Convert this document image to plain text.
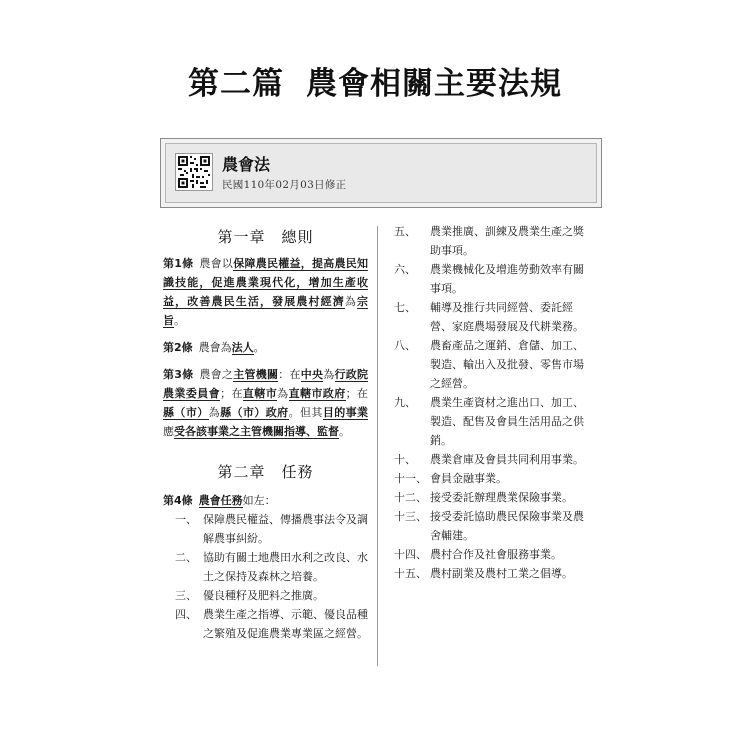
第二篇 農會相關主要法規
農會法
民國110年02月03日修正
第一章　總則
第1條 農會以保障農民權益，提高農民知識技能，促進農業現代化，增加生產收益，改善農民生活，發展農村經濟為宗旨。
第2條 農會為法人。
第3條 農會之主管機關：在中央為行政院農業委員會；在直轄市為直轄市政府；在縣（市）為縣（市）政府。但其目的事業應受各該事業之主管機關指導、監督。
第二章　任務
第4條 農會任務如左：
一、 保障農民權益、傳播農事法令及調解農事糾紛。
二、 協助有關土地農田水利之改良、水土之保持及森林之培養。
三、 優良種籽及肥料之推廣。
四、 農業生產之指導、示範、優良品種之繁殖及促進農業專業區之經營。
五、	農業推廣、訓練及農業生產之獎助事項。
六、	農業機械化及增進勞動效率有關事項。
七、	輔導及推行共同經營、委託經營、家庭農場發展及代耕業務。
八、	農畜產品之運銷、倉儲、加工、製造、輸出入及批發、零售市場之經營。
九、	農業生產資材之進出口、加工、製造、配售及會員生活用品之供銷。
十、	農業倉庫及會員共同利用事業。
十一、 會員金融事業。
十二、 接受委託辦理農業保險事業。
十三、 接受委託協助農民保險事業及農舍輔建。
十四、 農村合作及社會服務事業。
十五、 農村副業及農村工業之倡導。
